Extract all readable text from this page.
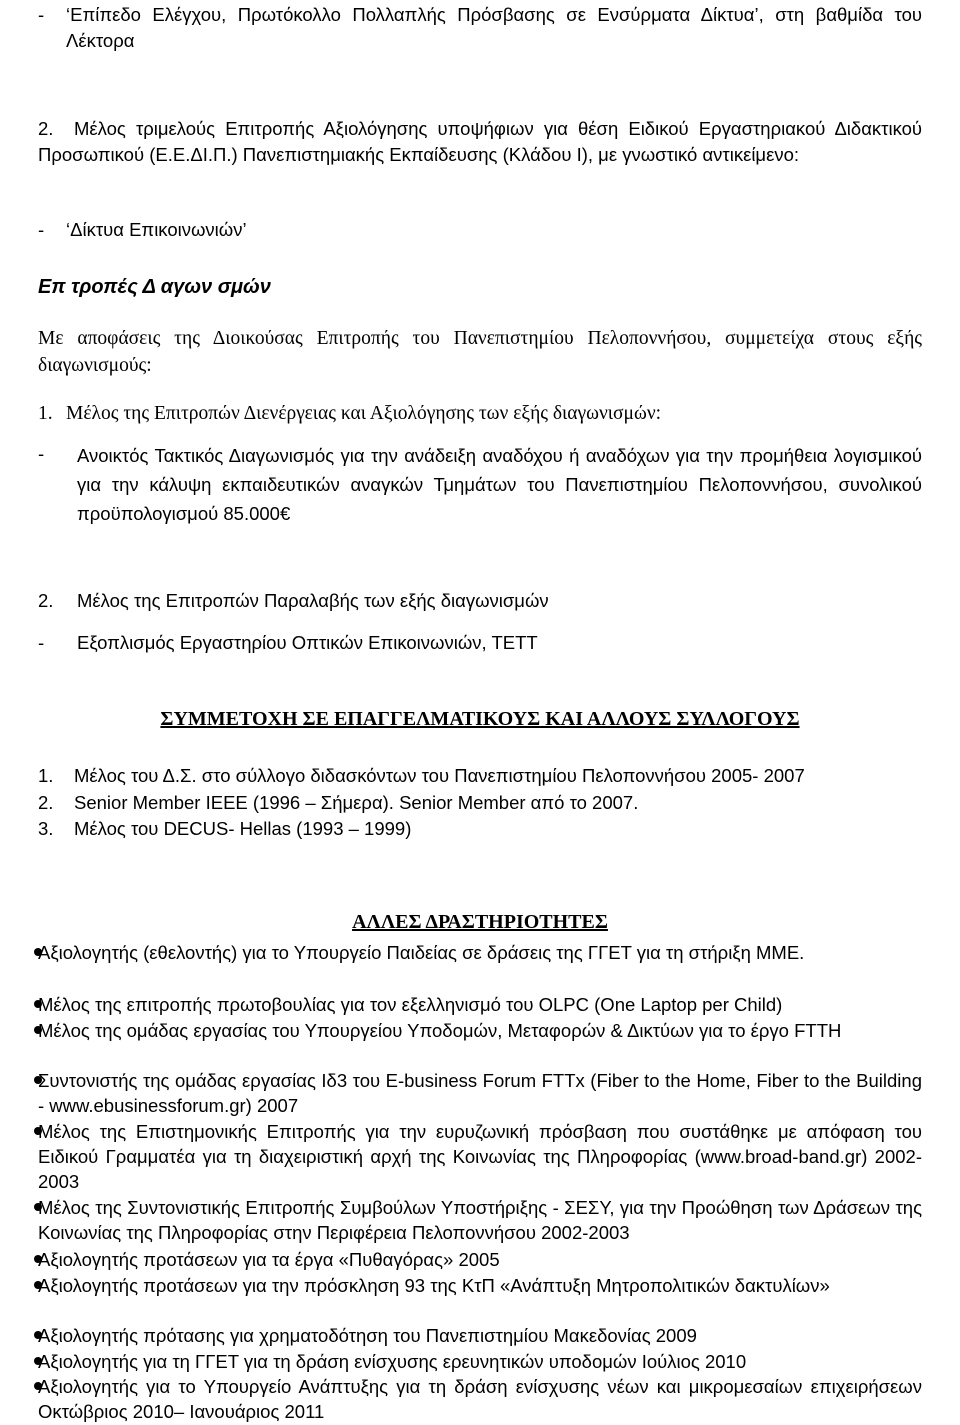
- ‘Επίπεδο Ελέγχου, Πρωτόκολλο Πολλαπλής Πρόσβασης σε Ενσύρματα Δίκτυα’, στη βαθμίδα του Λέκτορα
2.	Μέλος τριμελούς Επιτροπής Αξιολόγησης υποψήφιων για θέση Ειδικού Εργαστηριακού Διδακτικού Προσωπικού (Ε.Ε.ΔΙ.Π.) Πανεπιστημιακής Εκπαίδευσης (Κλάδου Ι), με γνωστικό αντικείμενο:
- ‘Δίκτυα Επικοινωνιών’
Επ τροπές Δ αγων σμών
Με αποφάσεις της Διοικούσας Επιτροπής του Πανεπιστημίου Πελοποννήσου, συμμετείχα στους εξής διαγωνισμούς:
1. Μέλος της Επιτροπών Διενέργειας και Αξιολόγησης των εξής διαγωνισμών:
- Ανοικτός Τακτικός Διαγωνισμός για την ανάδειξη αναδόχου ή αναδόχων για την προμήθεια λογισμικού για την κάλυψη εκπαιδευτικών αναγκών Τμημάτων του Πανεπιστημίου Πελοποννήσου, συνολικού προϋπολογισμού 85.000€
2. Μέλος της Επιτροπών Παραλαβής των εξής διαγωνισμών
- Εξοπλισμός Εργαστηρίου Οπτικών Επικοινωνιών, ΤΕΤΤ
ΣΥΜΜΕΤΟΧΗ ΣΕ ΕΠΑΓΓΕΛΜΑΤΙΚΟΥΣ ΚΑΙ ΑΛΛΟΥΣ ΣΥΛΛΟΓΟΥΣ
1. Μέλος του Δ.Σ. στο σύλλογο διδασκόντων του Πανεπιστημίου Πελοποννήσου 2005- 2007
2. Senior Member IEEE (1996 – Σήμερα). Senior Member από το 2007.
3. Μέλος του DECUS- Hellas (1993 – 1999)
ΑΛΛΕΣ ΔΡΑΣΤΗΡΙΟΤΗΤΕΣ
Αξιολογητής (εθελοντής) για το Υπουργείο Παιδείας σε δράσεις της ΓΓΕΤ για τη στήριξη ΜΜΕ.
Μέλος της επιτροπής πρωτοβουλίας για τον εξελληνισμό του OLPC (One Laptop per Child)
Μέλος της ομάδας εργασίας του Υπουργείου Υποδομών, Μεταφορών & Δικτύων για το έργο FTTH
Συντονιστής της ομάδας εργασίας Ιδ3 του E-business Forum FTTx (Fiber to the Home, Fiber to the Building - www.ebusinessforum.gr) 2007
Μέλος της Επιστημονικής Επιτροπής για την ευρυζωνική πρόσβαση που συστάθηκε με απόφαση του Ειδικού Γραμματέα για τη διαχειριστική αρχή της Κοινωνίας της Πληροφορίας (www.broad-band.gr) 2002-2003
Μέλος της Συντονιστικής Επιτροπής Συμβούλων Υποστήριξης - ΣΕΣΥ, για την Προώθηση των Δράσεων της Κοινωνίας της Πληροφορίας στην Περιφέρεια Πελοποννήσου 2002-2003
Αξιολογητής προτάσεων για τα έργα «Πυθαγόρας» 2005
Αξιολογητής προτάσεων για την πρόσκληση 93 της ΚτΠ «Ανάπτυξη Μητροπολιτικών δακτυλίων»
Αξιολογητής πρότασης για χρηματοδότηση του Πανεπιστημίου Μακεδονίας 2009
Αξιολογητής για τη ΓΓΕΤ για τη δράση ενίσχυσης ερευνητικών υποδομών Ιούλιος 2010
Αξιολογητής για το Υπουργείο Ανάπτυξης για τη δράση ενίσχυσης νέων και μικρομεσαίων επιχειρήσεων Οκτώβριος 2010– Ιανουάριος 2011
